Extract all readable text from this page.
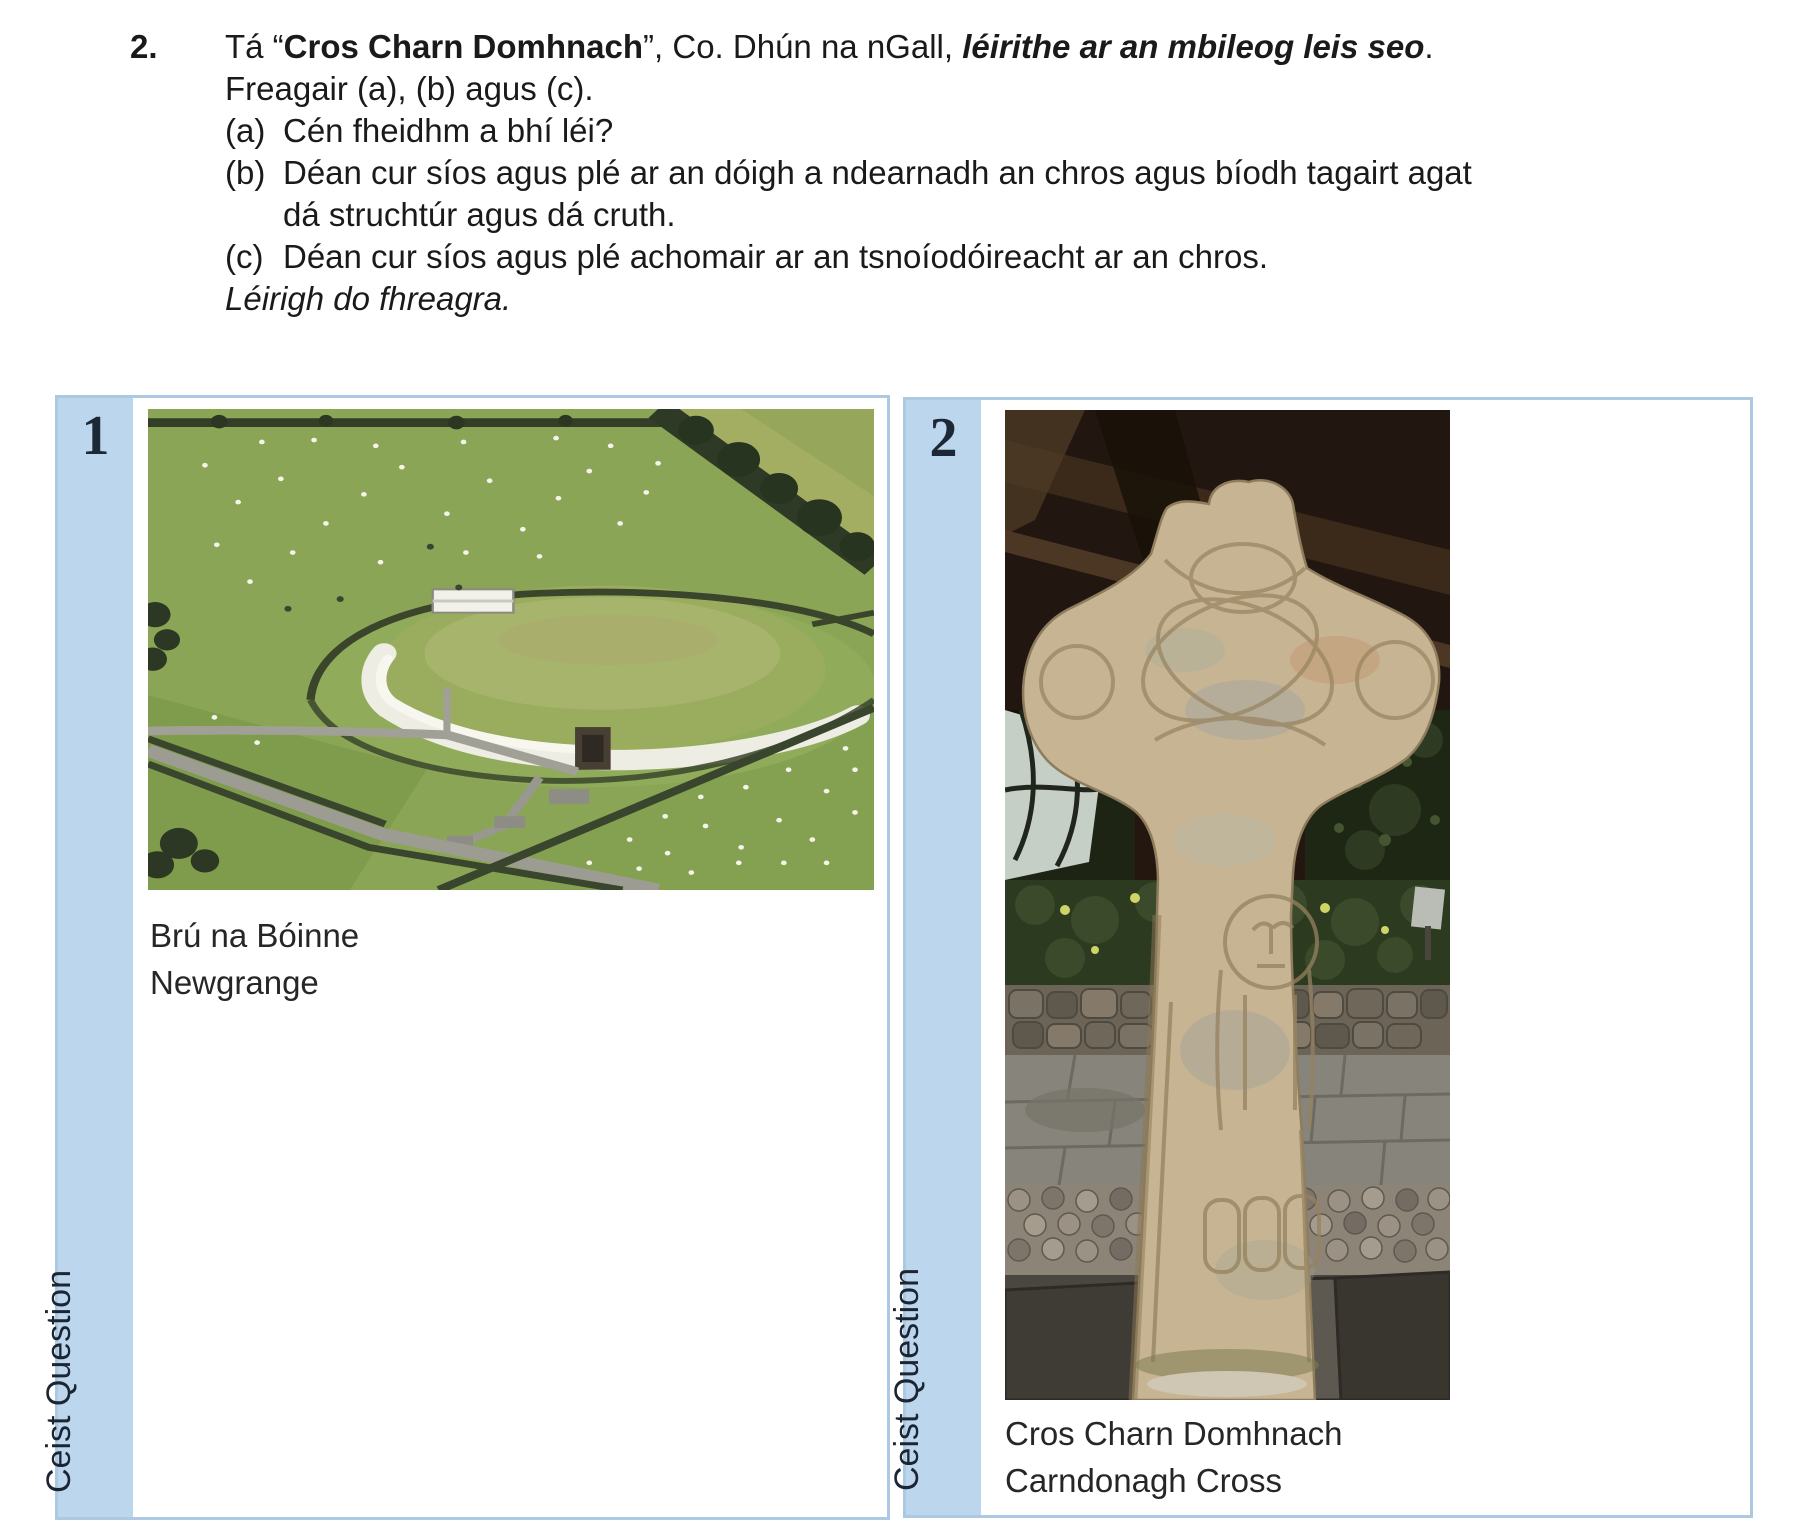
2.	Tá “Cros Charn Domhnach”, Co. Dhún na nGall, léirithe ar an mbileog leis seo.
Freagair (a), (b) agus (c).
(a) Cén fheidhm a bhí léi?
(b) Déan cur síos agus plé ar an dóigh a ndearnadh an chros agus bíodh tagairt agat
dá struchtúr agus dá cruth.
(c) Déan cur síos agus plé achomair ar an tsnoíodóireacht ar an chros.
Léirigh do fhreagra.
1
Ceist Question
Brú na Bóinne
Newgrange
2
Ceist Question Cros Charn Domhnach
Carndonagh Cross
